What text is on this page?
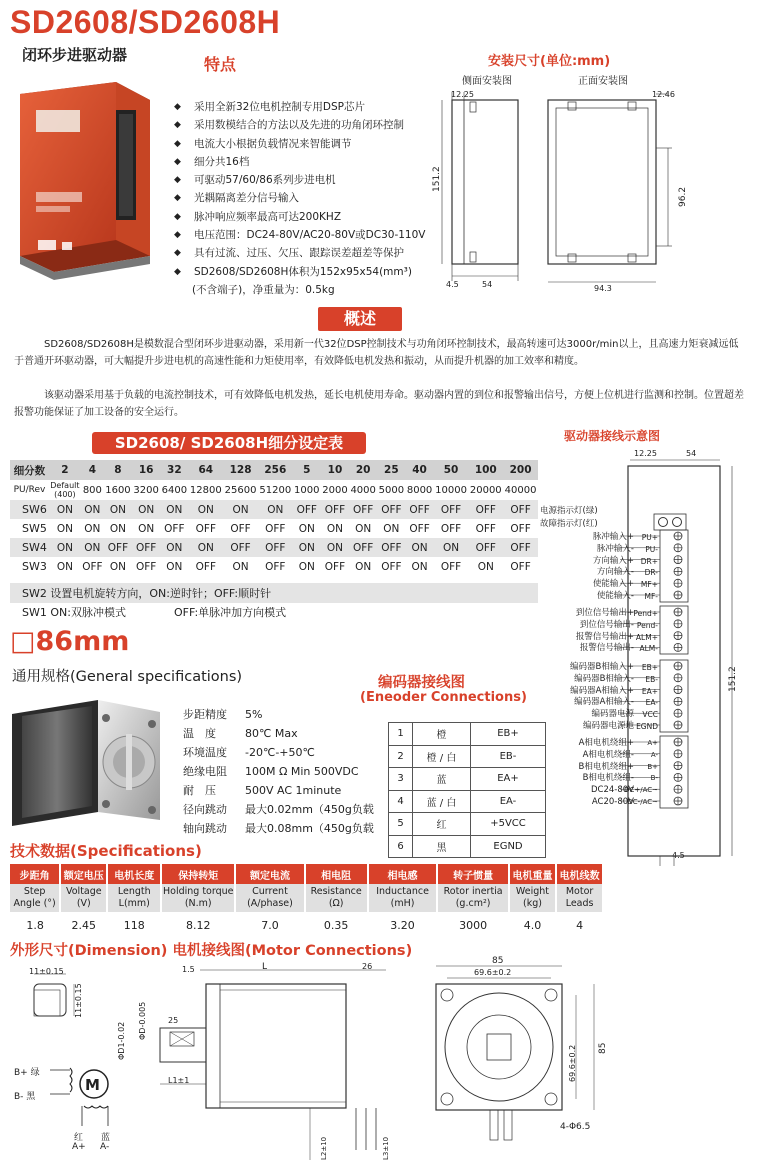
SD2608/SD2608H
闭环步进驱动器	特点
◆ 采用全新32位电机控制专用DSP芯片
◆ 采用数模结合的方法以及先进的功角闭环控制
◆ 电流大小根据负载情况来智能调节
◆ 细分共16档
◆ 可驱动57/60/86系列步进电机
◆ 光耦隔离差分信号输入
◆ 脉冲响应频率最高可达200KHZ
◆ 电压范围：DC24-80V/AC20-80V或DC30-110V
◆ 具有过流、过压、欠压、跟踪误差超差等保护
◆ SD2608/SD2608H体积为152x95x54(mm³)
(不含端子)，净重量为：0.5kg
安装尺寸(单位:mm)
侧面安装图	正面安装图
12.25
151.2
4.5	54
12.46
96.2
94.3
概述
SD2608/SD2608H是模数混合型闭环步进驱动器，采用新一代32位DSP控制技术与功角闭环控制技术，最高转速可达3000r/min以上，且高速力矩衰减远低于普通开环驱动器，可大幅提升步进电机的高速性能和力矩使用率，有效降低电机发热和振动，从而提升机器的加工效率和精度。
该驱动器采用基于负载的电流控制技术，可有效降低电机发热，延长电机使用寿命。驱动器内置的到位和报警输出信号，方便上位机进行监测和控制。位置超差报警功能保证了加工设备的安全运行。
SD2608/ SD2608H细分设定表
细分数	2	4	8	16	32	64	128	256	5	10	20	25	40	50	100	200
PU/Rev	Default (400)	800	1600	3200	6400	12800	25600	51200	1000	2000	4000	5000	8000	10000	20000	40000
SW6	ON	ON	ON	ON	ON	ON	ON	ON	OFF	OFF	OFF	OFF	OFF	OFF	OFF	OFF
SW5	ON	ON	ON	ON	OFF	OFF	OFF	OFF	ON	ON	ON	ON	OFF	OFF	OFF	OFF
SW4	ON	ON	OFF	OFF	ON	ON	OFF	OFF	ON	ON	OFF	OFF	ON	ON	OFF	OFF
SW3	ON	OFF	ON	OFF	ON	OFF	ON	OFF	ON	OFF	ON	OFF	ON	OFF	ON	OFF
SW2 设置电机旋转方向，ON:逆时针；OFF:顺时针
SW1 ON:双脉冲模式	OFF:单脉冲加方向模式
□86mm
通用规格(General specifications)
步距精度	5%
温　度	80℃ Max
环境温度	-20℃-+50℃
绝缘电阻	100M Ω Min 500VDC
耐　压	500V AC 1minute
径向跳动	最大0.02mm（450g负载
轴向跳动	最大0.08mm（450g负载
编码器接线图
(Eneoder Connections)
1	橙	EB+
2	橙 / 白	EB-
3	蓝	EA+
4	蓝 / 白	EA-
5	红	+5VCC
6	黑	EGND
技术数据(Specifications)
步距角	额定电压	电机长度	保持转矩	额定电流	相电阻	相电感	转子惯量	电机重量	电机线数
Step Angle (°)	Voltage (V)	Length L(mm)	Holding torque (N.m)	Current (A/phase)	Resistance (Ω)	Inductance (mH)	Rotor inertia (g.cm²)	Weight (kg)	Motor Leads
1.8	2.45	118	8.12	7.0	0.35	3.20	3000	4.0	4
外形尺寸(Dimension) 电机接线图(Motor Connections)
11±0.15
11±0.15
1.5	L	26
ΦD1-0.02
ΦD-0.005	25
L1±1
L2±10	L3±10
85
69.6±0.2
69.6±0.2 85
4-Φ6.5
M
B+ 绿
B- 黑
红
A+
蓝
A-
驱动器接线示意图
12.25	54
151.2
4.5
电源指示灯(绿)
故障指示灯(红)
脉冲输入+
脉冲输入-
方向输入+
方向输入-
使能输入+
使能输入-
到位信号输出+
到位信号输出-
报警信号输出+
报警信号输出-
编码器B相输入+
编码器B相输入-
编码器A相输入+
编码器A相输入-
编码器电源
编码器电源地
A相电机绕组+
A相电机绕组-
B相电机绕组+
B相电机绕组-
DC24-80V
AC20-80V
PU+
PU-
DR+
DR-
MF+
MF-
Pend+
Pend-
ALM+
ALM-
EB+
EB-
EA+
EA-
VCC
EGND
A+
A-
B+
B-
DC+/AC~
DC-/AC~
